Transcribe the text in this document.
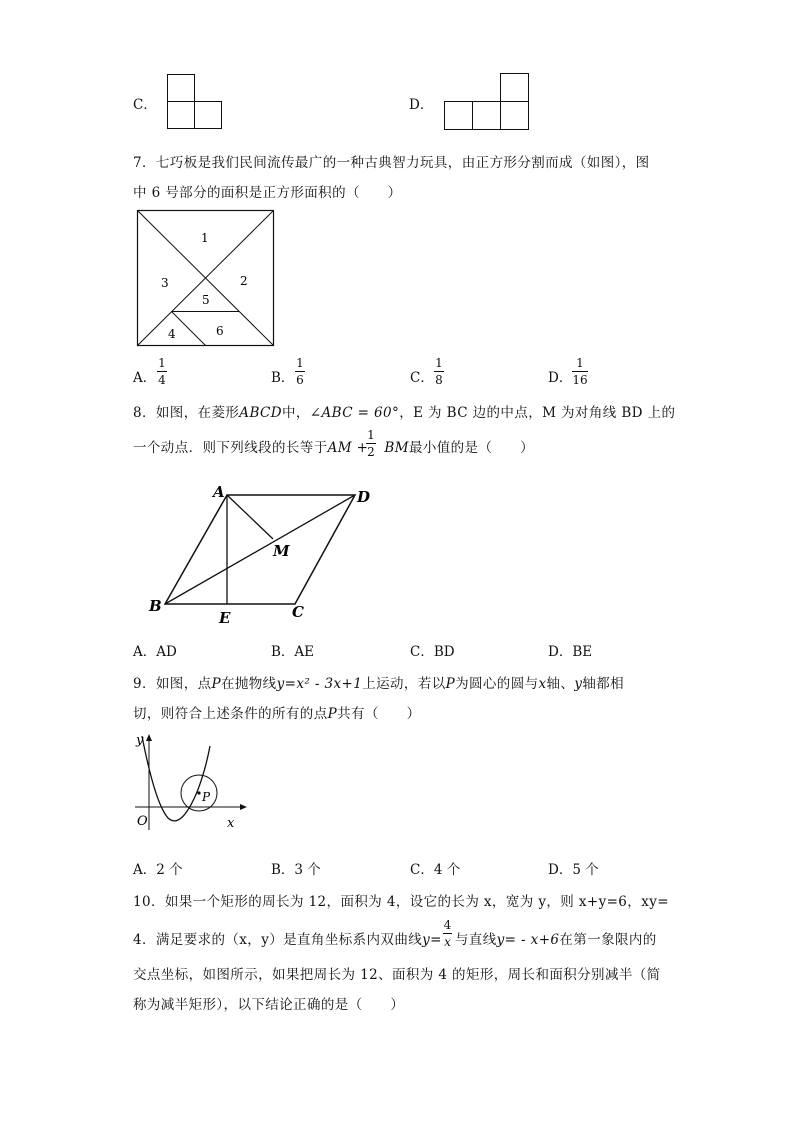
C．	D．
7．七巧板是我们民间流传最广的一种古典智力玩具，由正方形分割而成（如图），图
中 6 号部分的面积是正方形面积的（　　）
1
2
3
4
5
6
A．
1
4	B．
1
6	C．
1
8	D．
1
16
8．如图，在菱形ABCD中，∠ABC = 60°，E 为 BC 边的中点，M 为对角线 BD 上的
一个动点．则下列线段的长等于AM + BM最小值的是（　　）
1
2
A	D
M
B
E	C
A．AD	B．AE	C．BD	D．BE
9．如图，点P在抛物线y=x² - 3x+1上运动，若以P为圆心的圆与x轴、y轴都相
切，则符合上述条件的所有的点P共有（　　）
y
x
O
P
A．2 个	B．3 个	C．4 个	D．5 个
10．如果一个矩形的周长为 12，面积为 4，设它的长为 x，宽为 y，则 x+y=6，xy=
4．满足要求的（x，y）是直角坐标系内双曲线y= 与直线y= - x+6在第一象限内的
4
x
交点坐标，如图所示，如果把周长为 12、面积为 4 的矩形，周长和面积分别减半（简
称为减半矩形），以下结论正确的是（　　）
